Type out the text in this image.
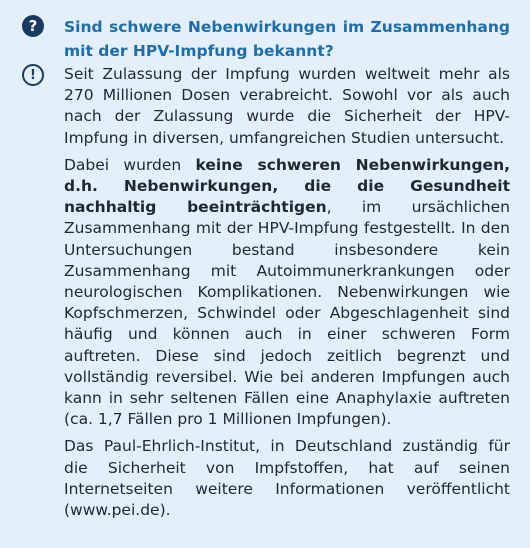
?	Sind schwere Nebenwirkungen im Zusammenhang mit der HPV-Impfung bekannt?
!	Seit Zulassung der Impfung wurden weltweit mehr als 270 Millionen Dosen verabreicht. Sowohl vor als auch nach der Zulassung wurde die Sicherheit der HPV-Impfung in diversen, umfangreichen Studien untersucht.

Dabei wurden keine schweren Nebenwirkungen, d.h. Nebenwirkungen, die die Gesundheit nachhaltig beeinträchtigen, im ursächlichen Zusammenhang mit der HPV-Impfung festgestellt. In den Untersuchungen bestand insbesondere kein Zusammenhang mit Autoimmunerkrankungen oder neurologischen Komplikationen. Nebenwirkungen wie Kopfschmerzen, Schwindel oder Abgeschlagenheit sind häufig und können auch in einer schweren Form auftreten. Diese sind jedoch zeitlich begrenzt und vollständig reversibel. Wie bei anderen Impfungen auch kann in sehr seltenen Fällen eine Anaphylaxie auftreten (ca. 1,7 Fällen pro 1 Millionen Impfungen).

Das Paul-Ehrlich-Institut, in Deutschland zuständig für die Sicherheit von Impfstoffen, hat auf seinen Internetseiten weitere Informationen veröffentlicht (www.pei.de).
